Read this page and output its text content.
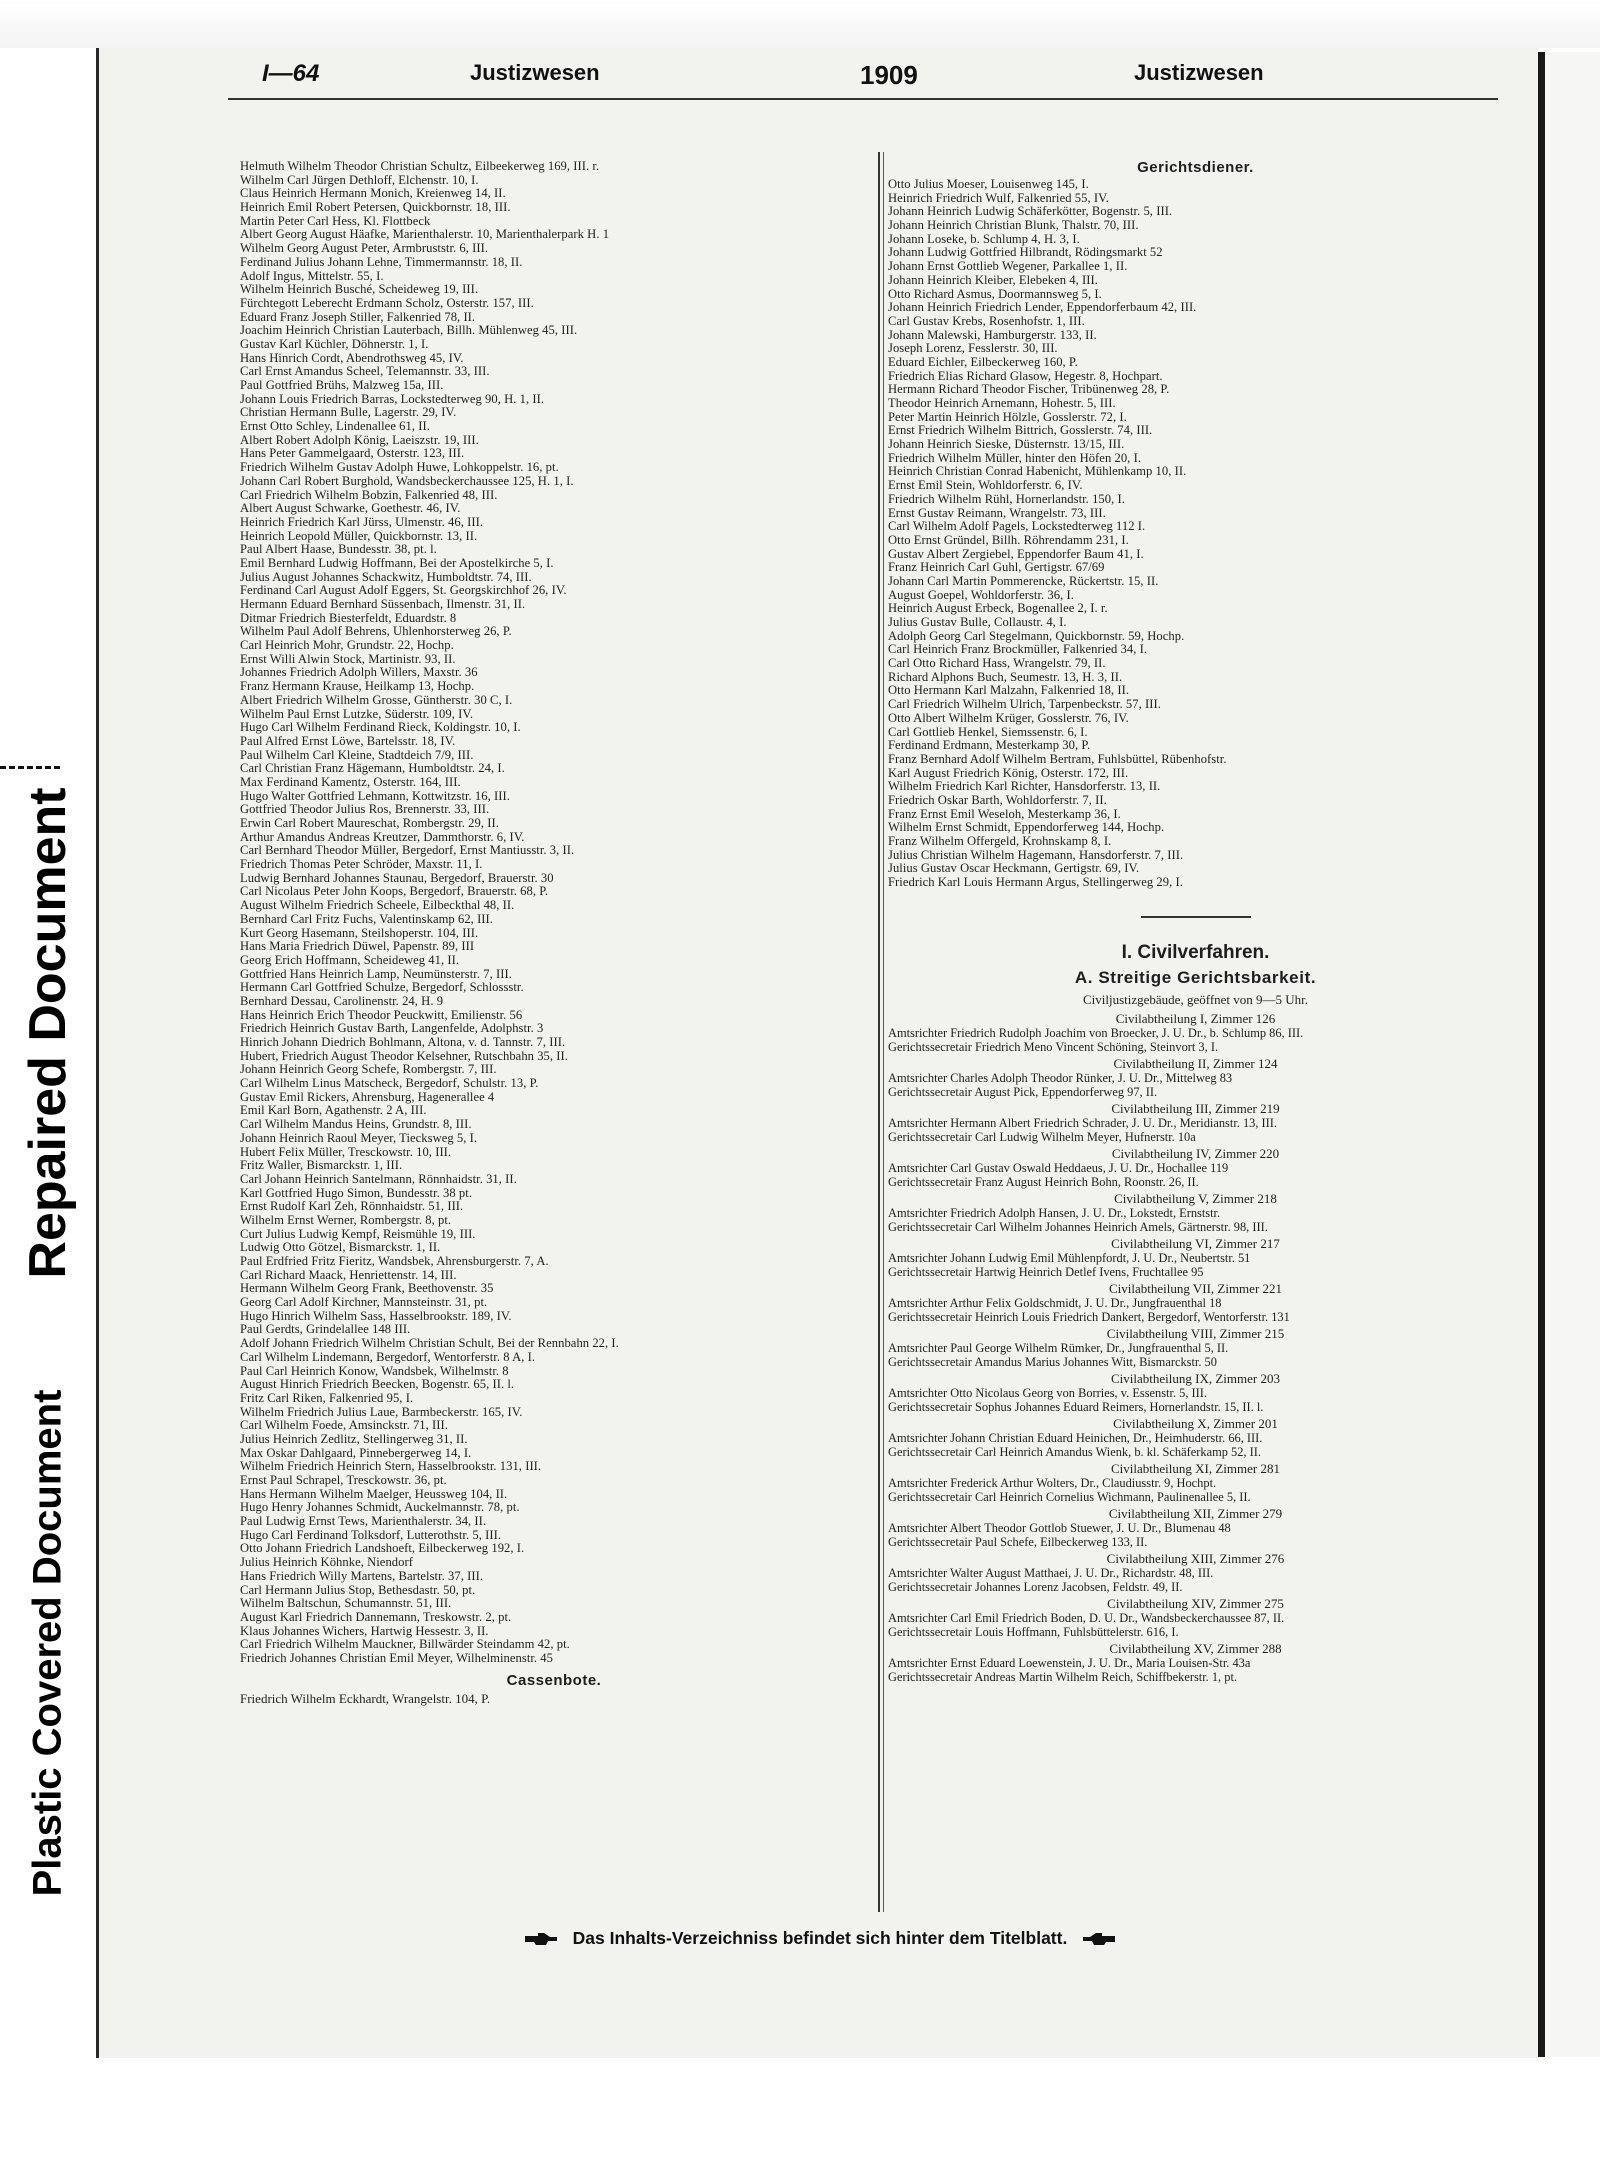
Repaired Document
Plastic Covered Document
I—64	Justizwesen	1909	Justizwesen
Helmuth Wilhelm Theodor Christian Schultz, Eilbeekerweg 169, III. r.
Wilhelm Carl Jürgen Dethloff, Elchenstr. 10, I.
Claus Heinrich Hermann Monich, Kreienweg 14, II.
Heinrich Emil Robert Petersen, Quickbornstr. 18, III.
Martin Peter Carl Hess, Kl. Flottbeck
Albert Georg August Häafke, Marienthalerstr. 10, Marienthalerpark H. 1
Wilhelm Georg August Peter, Armbruststr. 6, III.
Ferdinand Julius Johann Lehne, Timmermannstr. 18, II.
Adolf Ingus, Mittelstr. 55, I.
Wilhelm Heinrich Busché, Scheideweg 19, III.
Fürchtegott Leberecht Erdmann Scholz, Osterstr. 157, III.
Eduard Franz Joseph Stiller, Falkenried 78, II.
Joachim Heinrich Christian Lauterbach, Billh. Mühlenweg 45, III.
Gustav Karl Küchler, Döhnerstr. 1, I.
Hans Hinrich Cordt, Abendrothsweg 45, IV.
Carl Ernst Amandus Scheel, Telemannstr. 33, III.
Paul Gottfried Brühs, Malzweg 15a, III.
Johann Louis Friedrich Barras, Lockstedterweg 90, H. 1, II.
Christian Hermann Bulle, Lagerstr. 29, IV.
Ernst Otto Schley, Lindenallee 61, II.
Albert Robert Adolph König, Laeiszstr. 19, III.
Hans Peter Gammelgaard, Osterstr. 123, III.
Friedrich Wilhelm Gustav Adolph Huwe, Lohkoppelstr. 16, pt.
Johann Carl Robert Burghold, Wandsbeckerchaussee 125, H. 1, I.
Carl Friedrich Wilhelm Bobzin, Falkenried 48, III.
Albert August Schwarke, Goethestr. 46, IV.
Heinrich Friedrich Karl Jürss, Ulmenstr. 46, III.
Heinrich Leopold Müller, Quickbornstr. 13, II.
Paul Albert Haase, Bundesstr. 38, pt. l.
Emil Bernhard Ludwig Hoffmann, Bei der Apostelkirche 5, I.
Julius August Johannes Schackwitz, Humboldtstr. 74, III.
Ferdinand Carl August Adolf Eggers, St. Georgskirchhof 26, IV.
Hermann Eduard Bernhard Süssenbach, Ilmenstr. 31, II.
Ditmar Friedrich Biesterfeldt, Eduardstr. 8
Wilhelm Paul Adolf Behrens, Uhlenhorsterweg 26, P.
Carl Heinrich Mohr, Grundstr. 22, Hochp.
Ernst Willi Alwin Stock, Martinistr. 93, II.
Johannes Friedrich Adolph Willers, Maxstr. 36
Franz Hermann Krause, Heilkamp 13, Hochp.
Albert Friedrich Wilhelm Grosse, Güntherstr. 30 C, I.
Wilhelm Paul Ernst Lutzke, Süderstr. 109, IV.
Hugo Carl Wilhelm Ferdinand Rieck, Koldingstr. 10, I.
Paul Alfred Ernst Löwe, Bartelsstr. 18, IV.
Paul Wilhelm Carl Kleine, Stadtdeich 7/9, III.
Carl Christian Franz Hägemann, Humboldtstr. 24, I.
Max Ferdinand Kamentz, Osterstr. 164, III.
Hugo Walter Gottfried Lehmann, Kottwitzstr. 16, III.
Gottfried Theodor Julius Ros, Brennerstr. 33, III.
Erwin Carl Robert Maureschat, Rombergstr. 29, II.
Arthur Amandus Andreas Kreutzer, Dammthorstr. 6, IV.
Carl Bernhard Theodor Müller, Bergedorf, Ernst Mantiusstr. 3, II.
Friedrich Thomas Peter Schröder, Maxstr. 11, I.
Ludwig Bernhard Johannes Staunau, Bergedorf, Brauerstr. 30
Carl Nicolaus Peter John Koops, Bergedorf, Brauerstr. 68, P.
August Wilhelm Friedrich Scheele, Eilbeckthal 48, II.
Bernhard Carl Fritz Fuchs, Valentinskamp 62, III.
Kurt Georg Hasemann, Steilshoperstr. 104, III.
Hans Maria Friedrich Düwel, Papenstr. 89, III
Georg Erich Hoffmann, Scheideweg 41, II.
Gottfried Hans Heinrich Lamp, Neumünsterstr. 7, III.
Hermann Carl Gottfried Schulze, Bergedorf, Schlossstr.
Bernhard Dessau, Carolinenstr. 24, H. 9
Hans Heinrich Erich Theodor Peuckwitt, Emilienstr. 56
Friedrich Heinrich Gustav Barth, Langenfelde, Adolphstr. 3
Hinrich Johann Diedrich Bohlmann, Altona, v. d. Tannstr. 7, III.
Hubert, Friedrich August Theodor Kelsehner, Rutschbahn 35, II.
Johann Heinrich Georg Schefe, Rombergstr. 7, III.
Carl Wilhelm Linus Matscheck, Bergedorf, Schulstr. 13, P.
Gustav Emil Rickers, Ahrensburg, Hagenerallee 4
Emil Karl Born, Agathenstr. 2 A, III.
Carl Wilhelm Mandus Heins, Grundstr. 8, III.
Johann Heinrich Raoul Meyer, Tiecksweg 5, I.
Hubert Felix Müller, Tresckowstr. 10, III.
Fritz Waller, Bismarckstr. 1, III.
Carl Johann Heinrich Santelmann, Rönnhaidstr. 31, II.
Karl Gottfried Hugo Simon, Bundesstr. 38 pt.
Ernst Rudolf Karl Zeh, Rönnhaidstr. 51, III.
Wilhelm Ernst Werner, Rombergstr. 8, pt.
Curt Julius Ludwig Kempf, Reismühle 19, III.
Ludwig Otto Götzel, Bismarckstr. 1, II.
Paul Erdfried Fritz Fieritz, Wandsbek, Ahrensburgerstr. 7, A.
Carl Richard Maack, Henriettenstr. 14, III.
Hermann Wilhelm Georg Frank, Beethovenstr. 35
Georg Carl Adolf Kirchner, Mannsteinstr. 31, pt.
Hugo Hinrich Wilhelm Sass, Hasselbrookstr. 189, IV.
Paul Gerdts, Grindelallee 148 III.
Adolf Johann Friedrich Wilhelm Christian Schult, Bei der Rennbahn 22, I.
Carl Wilhelm Lindemann, Bergedorf, Wentorferstr. 8 A, I.
Paul Carl Heinrich Konow, Wandsbek, Wilhelmstr. 8
August Hinrich Friedrich Beecken, Bogenstr. 65, II. l.
Fritz Carl Riken, Falkenried 95, I.
Wilhelm Friedrich Julius Laue, Barmbeckerstr. 165, IV.
Carl Wilhelm Foede, Amsinckstr. 71, III.
Julius Heinrich Zedlitz, Stellingerweg 31, II.
Max Oskar Dahlgaard, Pinnebergerweg 14, I.
Wilhelm Friedrich Heinrich Stern, Hasselbrookstr. 131, III.
Ernst Paul Schrapel, Tresckowstr. 36, pt.
Hans Hermann Wilhelm Maelger, Heussweg 104, II.
Hugo Henry Johannes Schmidt, Auckelmannstr. 78, pt.
Paul Ludwig Ernst Tews, Marienthalerstr. 34, II.
Hugo Carl Ferdinand Tolksdorf, Lutterothstr. 5, III.
Otto Johann Friedrich Landshoeft, Eilbeckerweg 192, I.
Julius Heinrich Köhnke, Niendorf
Hans Friedrich Willy Martens, Bartelstr. 37, III.
Carl Hermann Julius Stop, Bethesdastr. 50, pt.
Wilhelm Baltschun, Schumannstr. 51, III.
August Karl Friedrich Dannemann, Treskowstr. 2, pt.
Klaus Johannes Wichers, Hartwig Hessestr. 3, II.
Carl Friedrich Wilhelm Mauckner, Billwärder Steindamm 42, pt.
Friedrich Johannes Christian Emil Meyer, Wilhelminenstr. 45
Cassenbote.
Friedrich Wilhelm Eckhardt, Wrangelstr. 104, P.
Gerichtsdiener.
Otto Julius Moeser, Louisenweg 145, I.
Heinrich Friedrich Wulf, Falkenried 55, IV.
Johann Heinrich Ludwig Schäferkötter, Bogenstr. 5, III.
Johann Heinrich Christian Blunk, Thalstr. 70, III.
Johann Loseke, b. Schlump 4, H. 3, I.
Johann Ludwig Gottfried Hilbrandt, Rödingsmarkt 52
Johann Ernst Gottlieb Wegener, Parkallee 1, II.
Johann Heinrich Kleiber, Elebeken 4, III.
Otto Richard Asmus, Doormannsweg 5, I.
Johann Heinrich Friedrich Lender, Eppendorferbaum 42, III.
Carl Gustav Krebs, Rosenhofstr. 1, III.
Johann Malewski, Hamburgerstr. 133, II.
Joseph Lorenz, Fesslerstr. 30, III.
Eduard Eichler, Eilbeckerweg 160, P.
Friedrich Elias Richard Glasow, Hegestr. 8, Hochpart.
Hermann Richard Theodor Fischer, Tribünenweg 28, P.
Theodor Heinrich Arnemann, Hohestr. 5, III.
Peter Martin Heinrich Hölzle, Gosslerstr. 72, I.
Ernst Friedrich Wilhelm Bittrich, Gosslerstr. 74, III.
Johann Heinrich Sieske, Düsternstr. 13/15, III.
Friedrich Wilhelm Müller, hinter den Höfen 20, I.
Heinrich Christian Conrad Habenicht, Mühlenkamp 10, II.
Ernst Emil Stein, Wohldorferstr. 6, IV.
Friedrich Wilhelm Rühl, Hornerlandstr. 150, I.
Ernst Gustav Reimann, Wrangelstr. 73, III.
Carl Wilhelm Adolf Pagels, Lockstedterweg 112 I.
Otto Ernst Gründel, Billh. Röhrendamm 231, I.
Gustav Albert Zergiebel, Eppendorfer Baum 41, I.
Franz Heinrich Carl Guhl, Gertigstr. 67/69
Johann Carl Martin Pommerencke, Rückertstr. 15, II.
August Goepel, Wohldorferstr. 36, I.
Heinrich August Erbeck, Bogenallee 2, I. r.
Julius Gustav Bulle, Collaustr. 4, I.
Adolph Georg Carl Stegelmann, Quickbornstr. 59, Hochp.
Carl Heinrich Franz Brockmüller, Falkenried 34, I.
Carl Otto Richard Hass, Wrangelstr. 79, II.
Richard Alphons Buch, Seumestr. 13, H. 3, II.
Otto Hermann Karl Malzahn, Falkenried 18, II.
Carl Friedrich Wilhelm Ulrich, Tarpenbeckstr. 57, III.
Otto Albert Wilhelm Krüger, Gosslerstr. 76, IV.
Carl Gottlieb Henkel, Siemssenstr. 6, I.
Ferdinand Erdmann, Mesterkamp 30, P.
Franz Bernhard Adolf Wilhelm Bertram, Fuhlsbüttel, Rübenhofstr.
Karl August Friedrich König, Osterstr. 172, III.
Wilhelm Friedrich Karl Richter, Hansdorferstr. 13, II.
Friedrich Oskar Barth, Wohldorferstr. 7, II.
Franz Ernst Emil Weseloh, Mesterkamp 36, I.
Wilhelm Ernst Schmidt, Eppendorferweg 144, Hochp.
Franz Wilhelm Offergeld, Krohnskamp 8, I.
Julius Christian Wilhelm Hagemann, Hansdorferstr. 7, III.
Julius Gustav Oscar Heckmann, Gertigstr. 69, IV.
Friedrich Karl Louis Hermann Argus, Stellingerweg 29, I.
I. Civilverfahren.
A. Streitige Gerichtsbarkeit.
Civiljustizgebäude, geöffnet von 9—5 Uhr.
Civilabtheilung I, Zimmer 126
Amtsrichter Friedrich Rudolph Joachim von Broecker, J. U. Dr., b. Schlump 86, III.
Gerichtssecretair Friedrich Meno Vincent Schöning, Steinvort 3, I.
Civilabtheilung II, Zimmer 124
Amtsrichter Charles Adolph Theodor Rünker, J. U. Dr., Mittelweg 83
Gerichtssecretair August Pick, Eppendorferweg 97, II.
Civilabtheilung III, Zimmer 219
Amtsrichter Hermann Albert Friedrich Schrader, J. U. Dr., Meridianstr. 13, III.
Gerichtssecretair Carl Ludwig Wilhelm Meyer, Hufnerstr. 10a
Civilabtheilung IV, Zimmer 220
Amtsrichter Carl Gustav Oswald Heddaeus, J. U. Dr., Hochallee 119
Gerichtssecretair Franz August Heinrich Bohn, Roonstr. 26, II.
Civilabtheilung V, Zimmer 218
Amtsrichter Friedrich Adolph Hansen, J. U. Dr., Lokstedt, Ernststr.
Gerichtssecretair Carl Wilhelm Johannes Heinrich Amels, Gärtnerstr. 98, III.
Civilabtheilung VI, Zimmer 217
Amtsrichter Johann Ludwig Emil Mühlenpfordt, J. U. Dr., Neubertstr. 51
Gerichtssecretair Hartwig Heinrich Detlef Ivens, Fruchtallee 95
Civilabtheilung VII, Zimmer 221
Amtsrichter Arthur Felix Goldschmidt, J. U. Dr., Jungfrauenthal 18
Gerichtssecretair Heinrich Louis Friedrich Dankert, Bergedorf, Wentorferstr. 131
Civilabtheilung VIII, Zimmer 215
Amtsrichter Paul George Wilhelm Rümker, Dr., Jungfrauenthal 5, II.
Gerichtssecretair Amandus Marius Johannes Witt, Bismarckstr. 50
Civilabtheilung IX, Zimmer 203
Amtsrichter Otto Nicolaus Georg von Borries, v. Essenstr. 5, III.
Gerichtssecretair Sophus Johannes Eduard Reimers, Hornerlandstr. 15, II. l.
Civilabtheilung X, Zimmer 201
Amtsrichter Johann Christian Eduard Heinichen, Dr., Heimhuderstr. 66, III.
Gerichtssecretair Carl Heinrich Amandus Wienk, b. kl. Schäferkamp 52, II.
Civilabtheilung XI, Zimmer 281
Amtsrichter Frederick Arthur Wolters, Dr., Claudiusstr. 9, Hochpt.
Gerichtssecretair Carl Heinrich Cornelius Wichmann, Paulinenallee 5, II.
Civilabtheilung XII, Zimmer 279
Amtsrichter Albert Theodor Gottlob Stuewer, J. U. Dr., Blumenau 48
Gerichtssecretair Paul Schefe, Eilbeckerweg 133, II.
Civilabtheilung XIII, Zimmer 276
Amtsrichter Walter August Matthaei, J. U. Dr., Richardstr. 48, III.
Gerichtssecretair Johannes Lorenz Jacobsen, Feldstr. 49, II.
Civilabtheilung XIV, Zimmer 275
Amtsrichter Carl Emil Friedrich Boden, D. U. Dr., Wandsbeckerchaussee 87, II.
Gerichtssecretair Louis Hoffmann, Fuhlsbüttelerstr. 616, I.
Civilabtheilung XV, Zimmer 288
Amtsrichter Ernst Eduard Loewenstein, J. U. Dr., Maria Louisen-Str. 43a
Gerichtssecretair Andreas Martin Wilhelm Reich, Schiffbekerstr. 1, pt.
Das Inhalts-Verzeichniss befindet sich hinter dem Titelblatt.
